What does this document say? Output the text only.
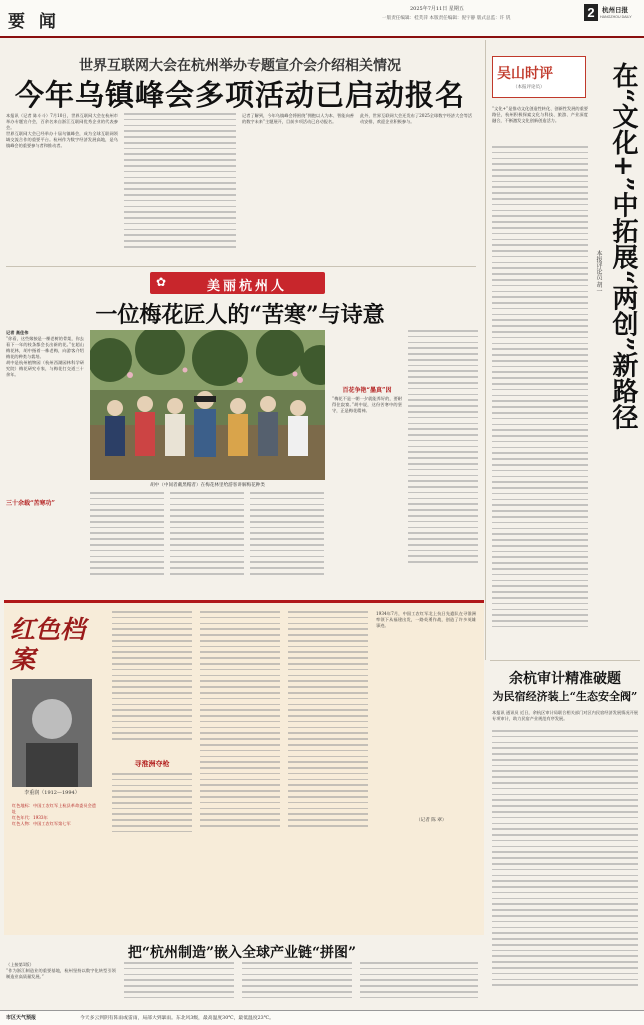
要 闻
2025年7月11日 星期五
一版责任编辑：桂芙萍 本版责任编辑：倪宇静 版式总监：许 钒	2	杭州日报
HANGZHOU DAILY
世界互联网大会在杭州举办专题宣介会介绍相关情况
今年乌镇峰会多项活动已启动报名
本报讯（记者 陈斗斗）7月10日，世界互联网大会在杭州市举办专题宣介会，百余名来自浙江互联网优秀企业的代表参会。
世界互联网大会已经举办十届乌镇峰会，成为全球互联网领域交流合作的重要平台。杭州作为数字经济发展高地，是乌镇峰会的重要参与者和推动者。
记者了解到，今年乌镇峰会将围绕“拥抱以人为本、智能向善的数字未来”主题展开，目前多项活动已启动报名。
此外，世界互联网大会还发布了2025全球数字经济大会等活动安排，欢迎企业积极参与。
✿	美丽杭州人
一位梅花匠人的“苦寒”与诗意
记者 高佳伟
“你看，这些嫁接是一棵老树的骨架，你去看下一年的枝条都会长出新的花。”在超山梅花林，胡中指着一株老梅，向游客介绍梅花的种类与栽培。
胡中是杭州植物园（杭州西湖园林科学研究院）梅花研究专家，与梅花打交道三十余年。
三十余载“苦寒功”
胡中（中间者戴黑帽者）在梅花林里给游客讲解梅花种类
百花争艳“墨真”因
“梅花不是一朝一夕就能养好的，要耐得住寂寞。”胡中说，这份苦寒中的坚守，正是梅花精神。
吴山时评
（本报评论员） 在“文化+”中拓展“两创”新路径
本报评论员 胡一
“文化+”是推动文化创造性转化、创新性发展的重要路径，杭州积极探索文化与科技、旅游、产业深度融合，不断激发文化创新创造活力。
红色档案
李重润（1912—1994）
红色地标：中国工农红军上杭县革命委员会遗址
红色年代：1933年
红色人物：中国工农红军第七军
寻淮洲夺枪
1934年7月，中国工农红军北上抗日先遣队在寻淮洲率领下从福建出发，一路英勇作战，创造了许多英雄事迹。
（记者 陈 翠）
余杭审计精准破题
为民宿经济装上“生态安全阀”
本报讯 通讯员 近日，余杭区审计局联合相关部门对区内民宿经济发展情况开展专项审计，助力民宿产业规范有序发展。
把“杭州制造”嵌入全球产业链“拼图”
（上接第1版）
“作为浙江制造业的重要基地，杭州坚持以数字化转型引领制造业高质量发展。”
市区天气预报	今天多云到阴有阵雨或雷雨，局部大到暴雨。东北风3级，最高温度30℃，最低温度23℃。
